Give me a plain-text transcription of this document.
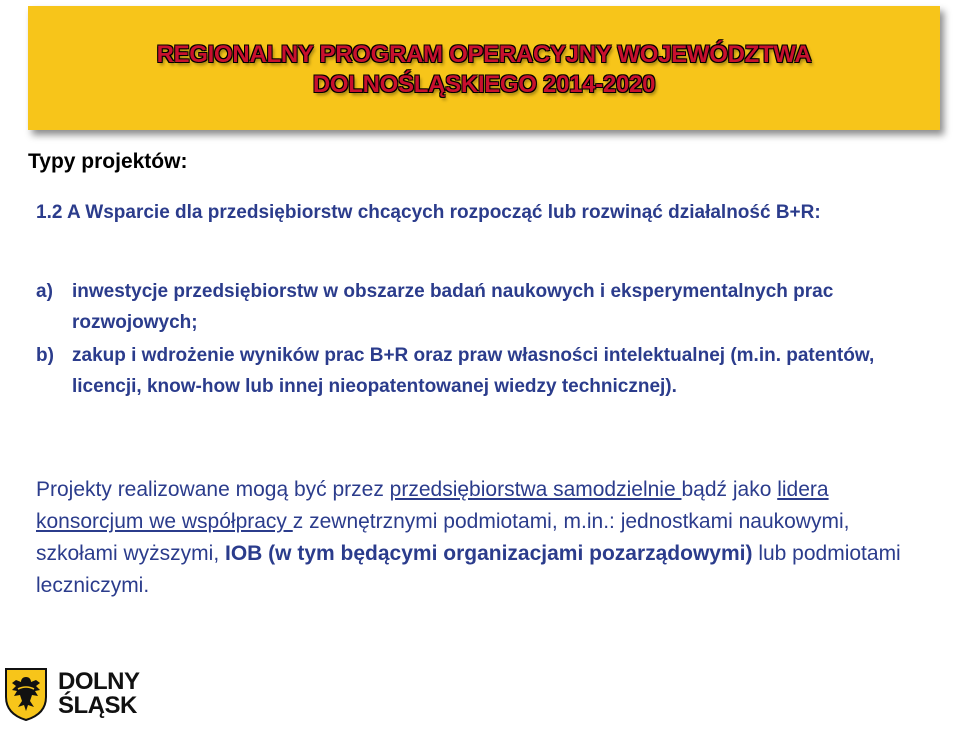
REGIONALNY PROGRAM OPERACYJNY WOJEWÓDZTWA DOLNOŚLĄSKIEGO 2014-2020
Typy projektów:
1.2 A Wsparcie dla przedsiębiorstw chcących rozpocząć lub rozwinąć działalność B+R:
a)	inwestycje przedsiębiorstw w obszarze badań naukowych i eksperymentalnych prac rozwojowych;
b) zakup i wdrożenie wyników prac B+R oraz praw własności intelektualnej (m.in. patentów, licencji, know-how lub innej nieopatentowanej wiedzy technicznej).
Projekty realizowane mogą być przez przedsiębiorstwa samodzielnie bądź jako lidera konsorcjum we współpracy z zewnętrznymi podmiotami, m.in.: jednostkami naukowymi, szkołami wyższymi, IOB (w tym będącymi organizacjami pozarządowymi) lub podmiotami leczniczymi.
DOLNY
ŚLĄSK
